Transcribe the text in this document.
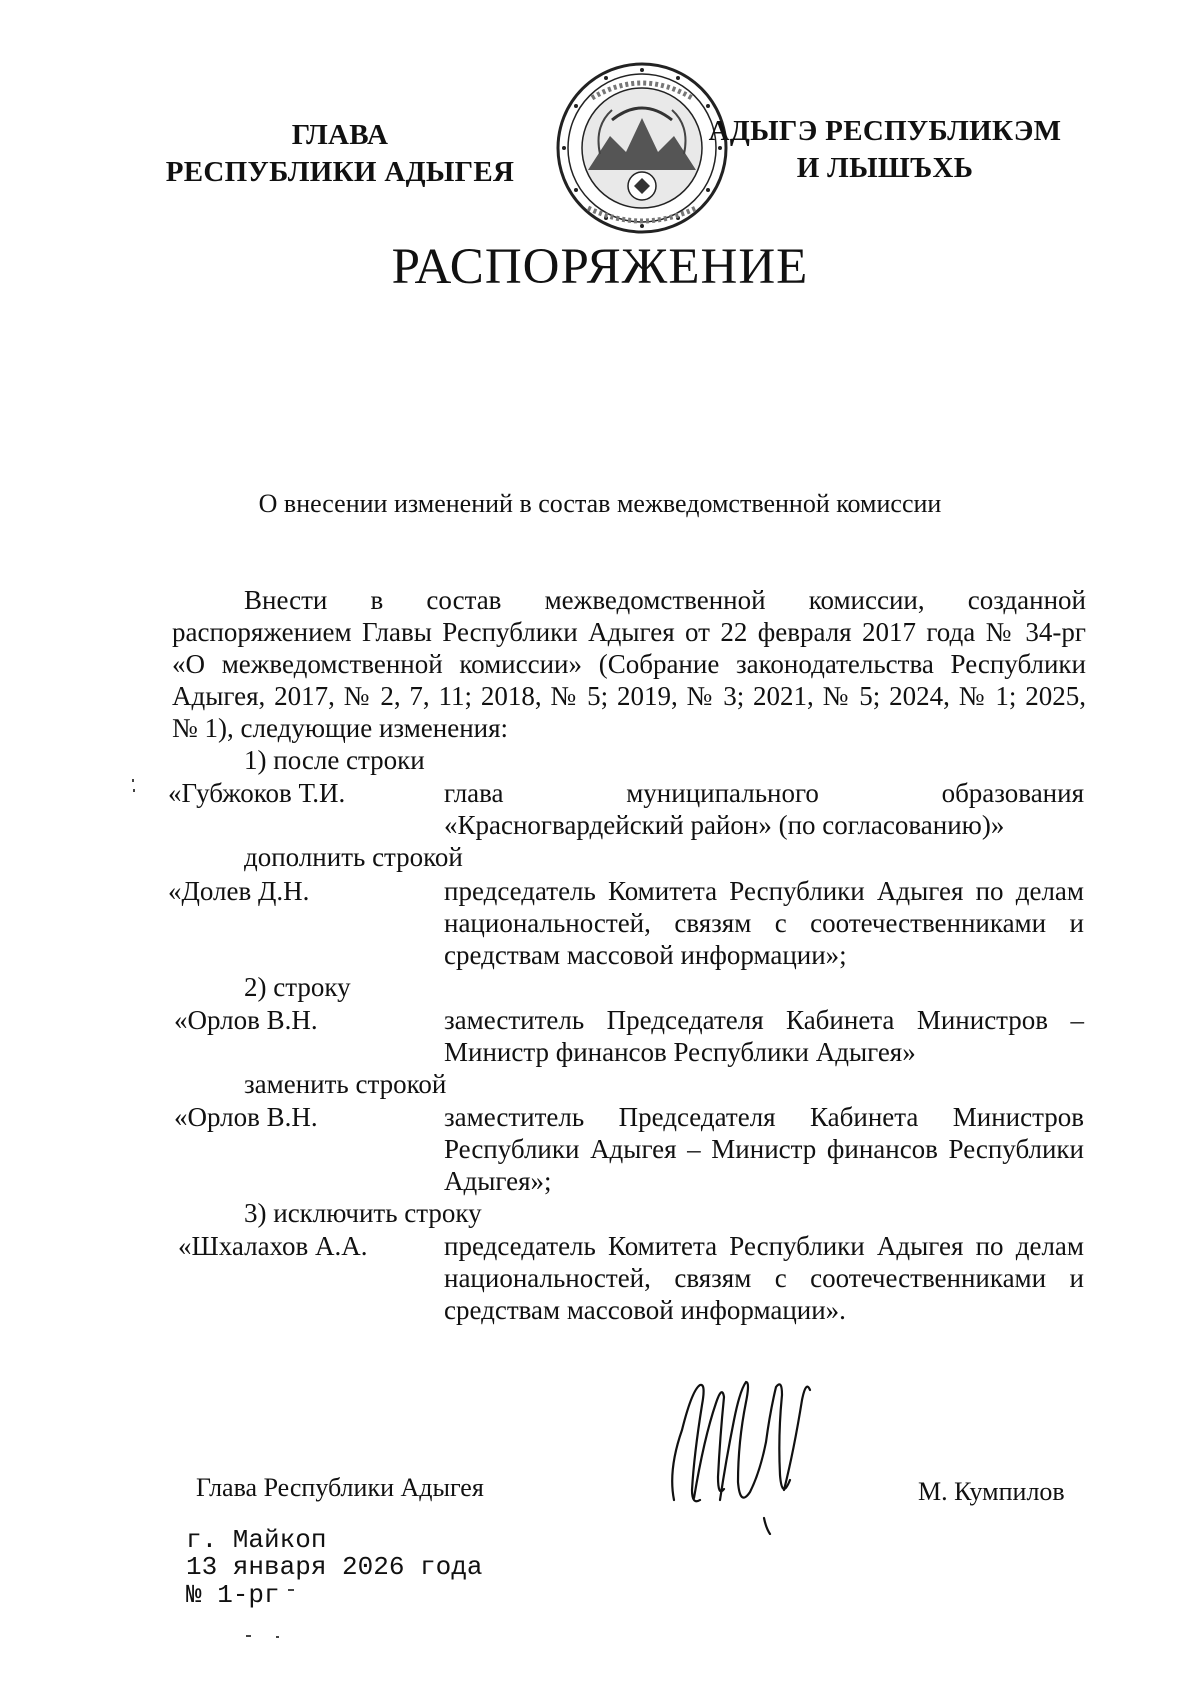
ГЛАВА
РЕСПУБЛИКИ АДЫГЕЯ
АДЫГЭ РЕСПУБЛИКЭМ
И ЛЫШЪХЬ
РАСПОРЯЖЕНИЕ
О внесении изменений в состав межведомственной комиссии

Внести в состав межведомственной комиссии, созданной

распоряжением Главы Республики Адыгея от 22 февраля 2017 года № 34-рг

«О межведомственной комиссии» (Собрание законодательства Республики

Адыгея, 2017, № 2, 7, 11; 2018, № 5; 2019, № 3; 2021, № 5; 2024, № 1; 2025,

№ 1), следующие изменения:

1) после строки
«Губжоков Т.И.	глава муниципального образования
«Красногвардейский район» (по согласованию)»
дополнить строкой
«Долев Д.Н.	председатель Комитета Республики Адыгея по делам
национальностей, связям с соотечественниками и
средствам массовой информации»;
2) строку
«Орлов В.Н.	заместитель Председателя Кабинета Министров –
Министр финансов Республики Адыгея»
заменить строкой
«Орлов В.Н.	заместитель Председателя Кабинета Министров
Республики Адыгея – Министр финансов Республики
Адыгея»;
3) исключить строку
«Шхалахов А.А.	председатель Комитета Республики Адыгея по делам
национальностей, связям с соотечественниками и
средствам массовой информации».
Глава Республики Адыгея	М. Кумпилов
г. Майкоп
13 января 2026 года
№ 1-рг
